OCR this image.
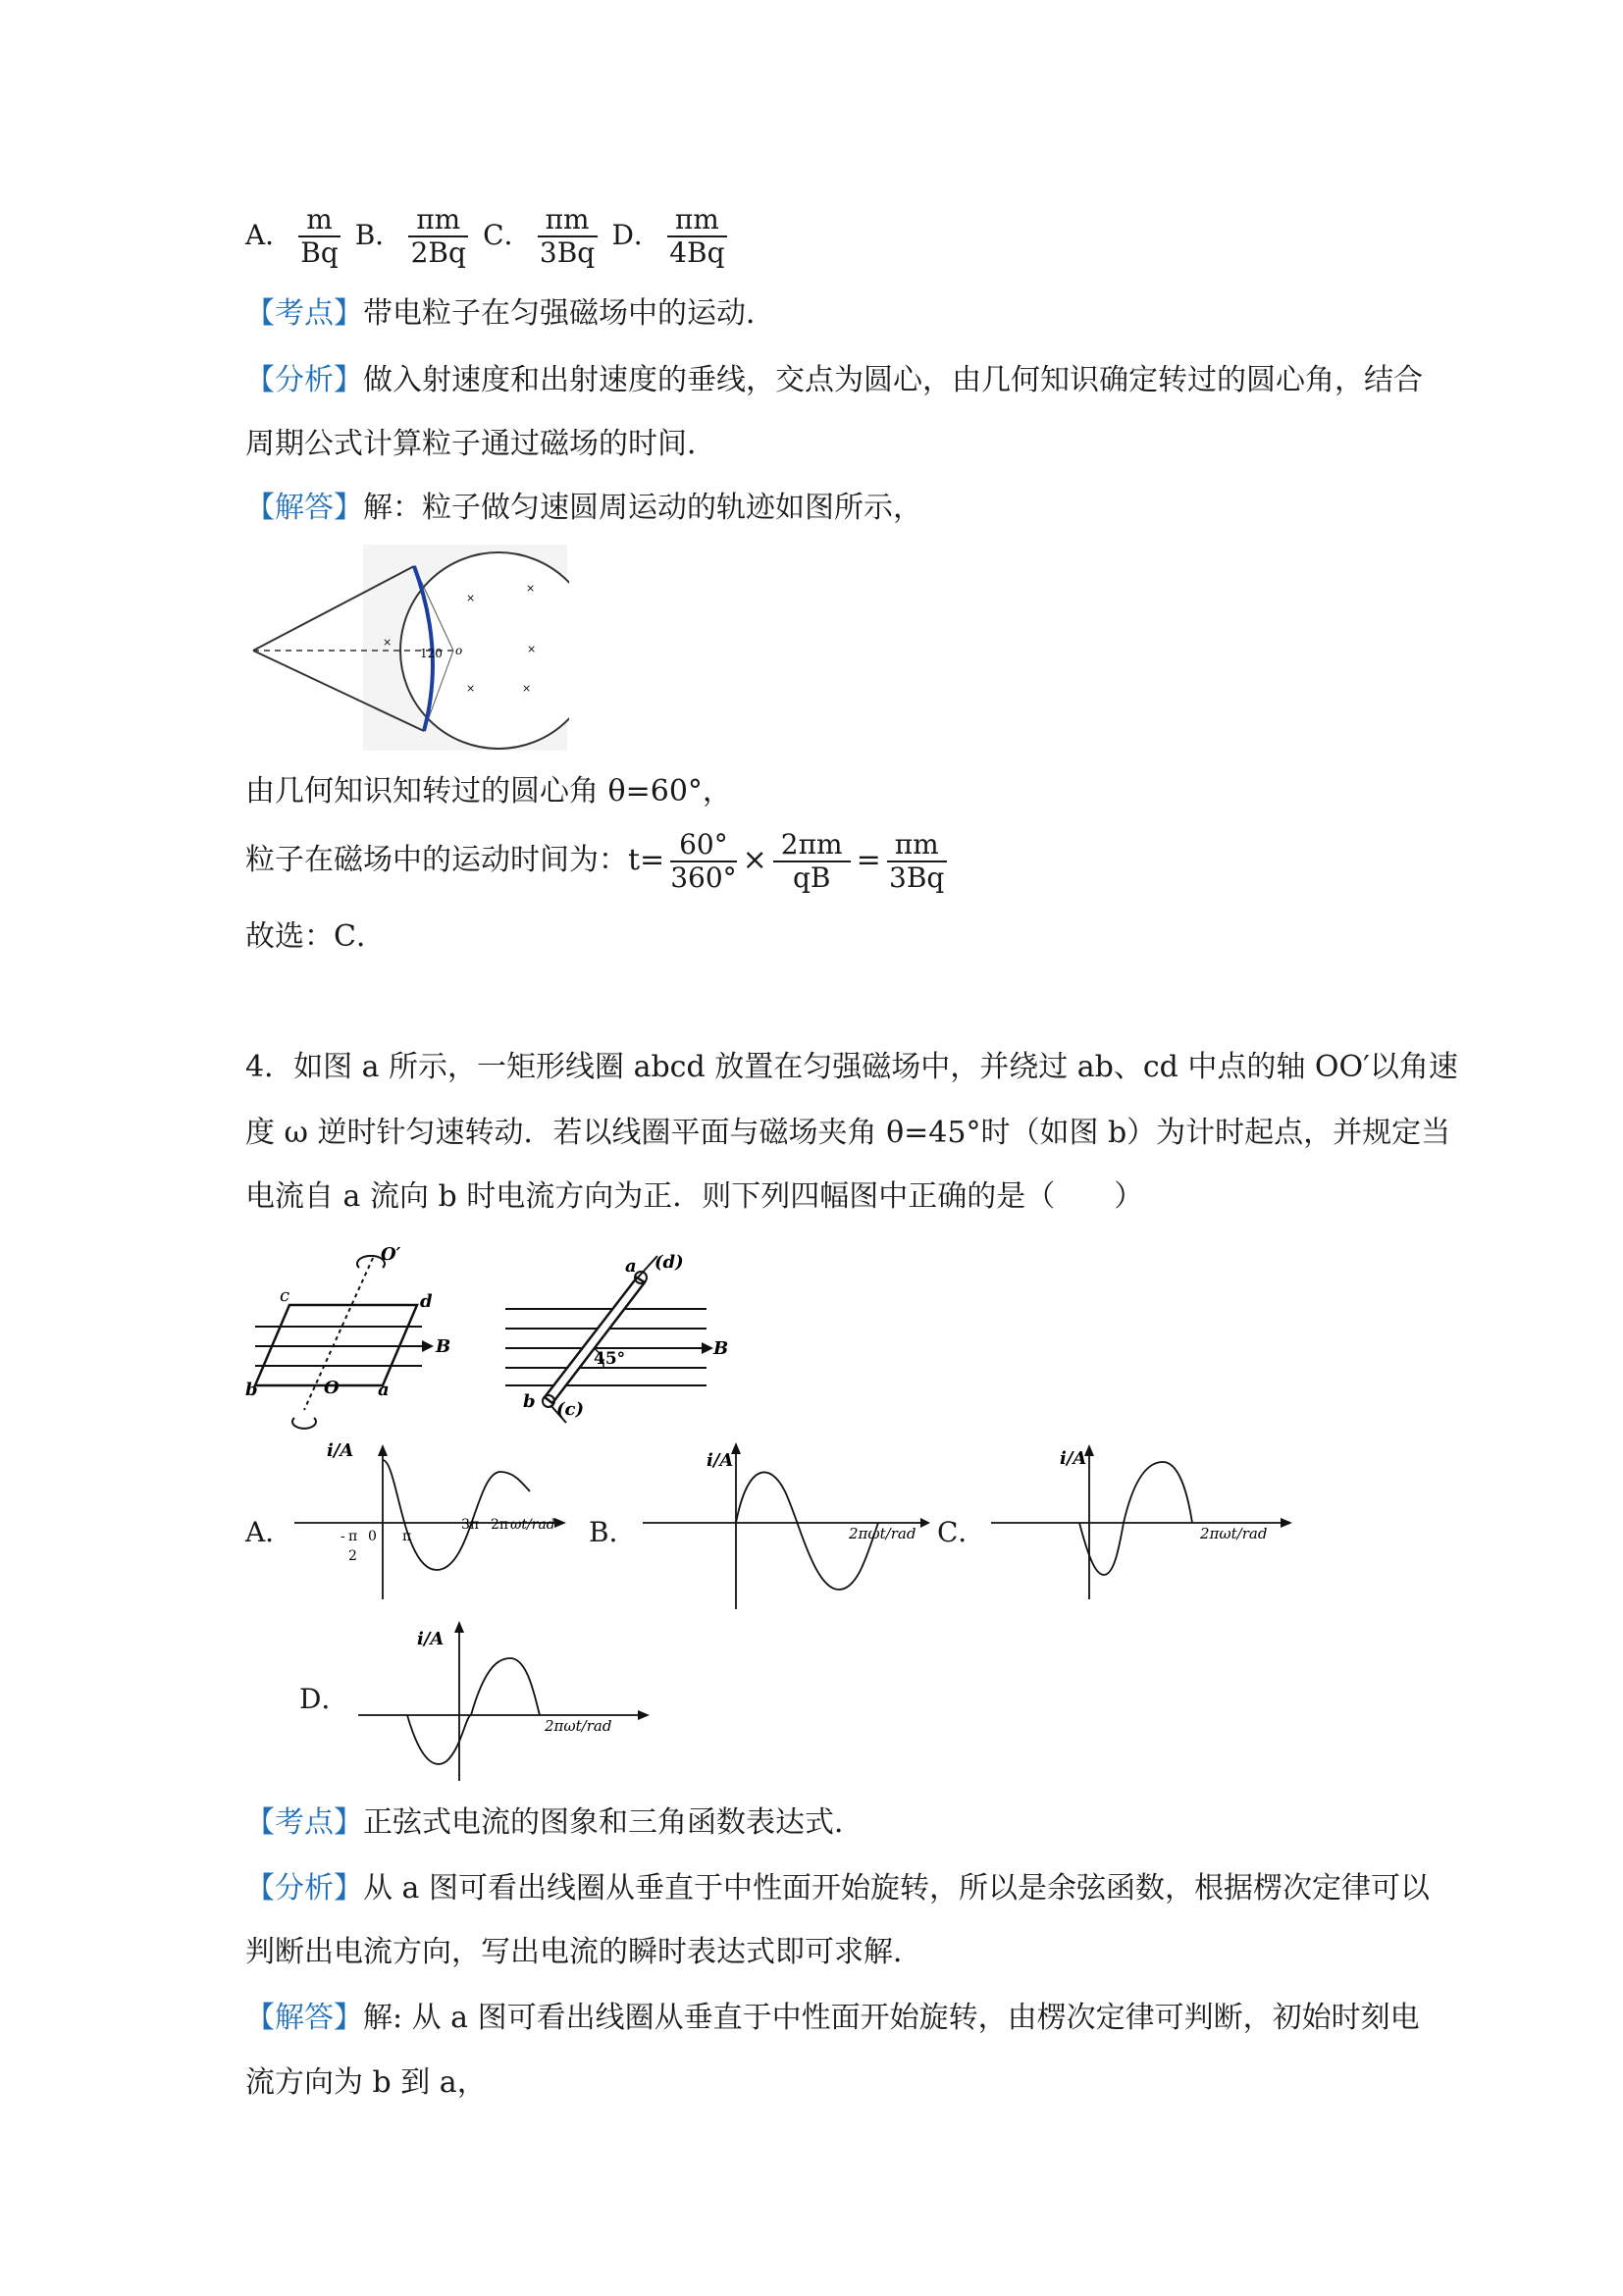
A． $\frac{m}{Bq}$ B． $\frac{\pi m}{2Bq}$ C． $\frac{\pi m}{3Bq}$ D． $\frac{\pi m}{4Bq}$
【考点】带电粒子在匀强磁场中的运动．
【分析】做入射速度和出射速度的垂线，交点为圆心，由几何知识确定转过的圆心角，结合
周期公式计算粒子通过磁场的时间．
【解答】解：粒子做匀速圆周运动的轨迹如图所示，
×
×
×
×
×	×
120 o
由几何知识知转过的圆心角 θ=60°，
粒子在磁场中的运动时间为：$t= \frac{60^\circ}{360^\circ} \times \frac{2\pi m}{qB} = \frac{\pi m}{3Bq}$
故选：C．
4．如图 a 所示，一矩形线圈 abcd 放置在匀强磁场中，并绕过 ab、cd 中点的轴 OO′以角速
度 ω 逆时针匀速转动．若以线圈平面与磁场夹角 θ=45°时（如图 b）为计时起点，并规定当
电流自 a 流向 b 时电流方向为正．则下列四幅图中正确的是（　　）
c	d
b	a
O
O′
B
(d)
(c)
b
a
45°	B
A．
i/A
ωt/rad
0
- π
2
π
3π 2π	B．
i/A
2πωt/rad C．
i/A
2πωt/rad
D．
i/A
2πωt/rad
【考点】正弦式电流的图象和三角函数表达式．
【分析】从 a 图可看出线圈从垂直于中性面开始旋转，所以是余弦函数，根据楞次定律可以
判断出电流方向，写出电流的瞬时表达式即可求解．
【解答】解: 从 a 图可看出线圈从垂直于中性面开始旋转，由楞次定律可判断，初始时刻电
流方向为 b 到 a，
